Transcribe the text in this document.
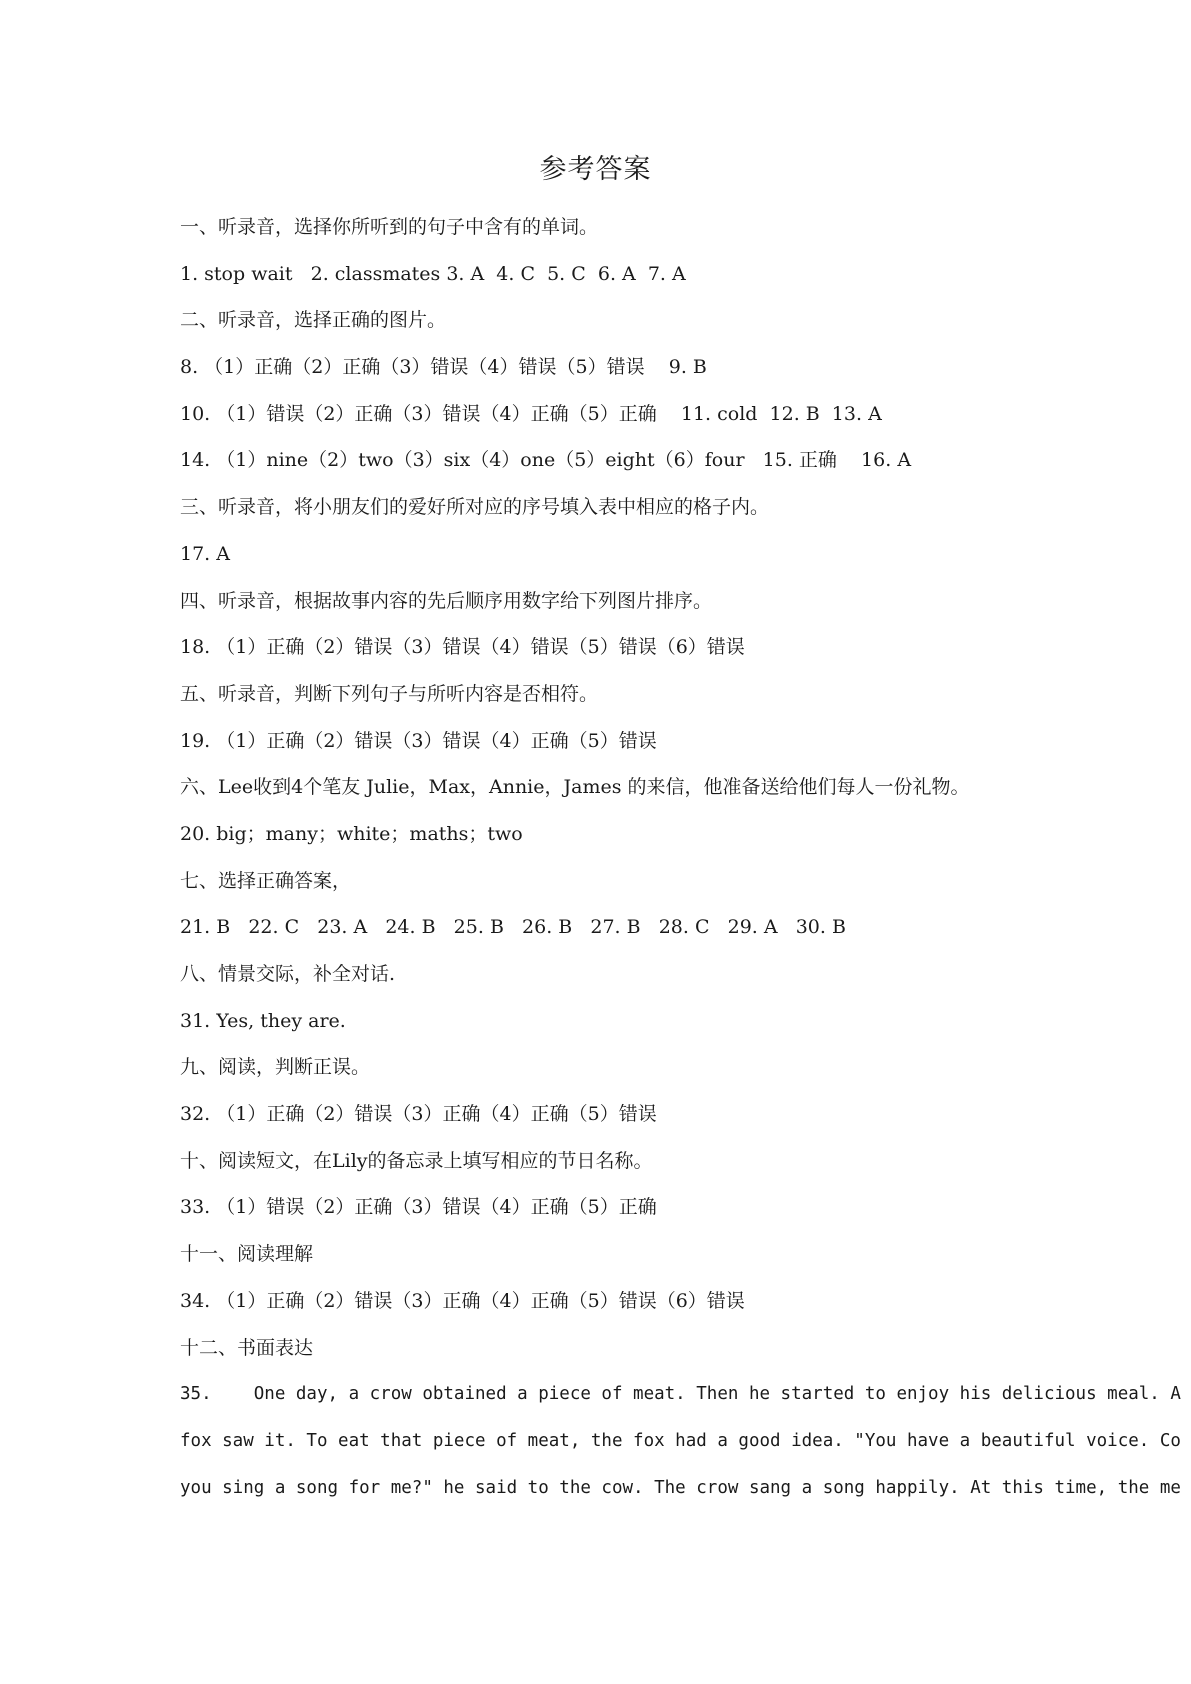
参考答案
一、听录音，选择你所听到的句子中含有的单词。
1. stop wait   2. classmates 3. A  4. C  5. C  6. A  7. A
二、听录音，选择正确的图片。
8. （1）正确（2）正确（3）错误（4）错误（5）错误    9. B
10. （1）错误（2）正确（3）错误（4）正确（5）正确    11. cold  12. B  13. A
14. （1）nine（2）two（3）six（4）one（5）eight（6）four   15. 正确    16. A
三、听录音，将小朋友们的爱好所对应的序号填入表中相应的格子内。
17. A
四、听录音，根据故事内容的先后顺序用数字给下列图片排序。
18. （1）正确（2）错误（3）错误（4）错误（5）错误（6）错误
五、听录音，判断下列句子与所听内容是否相符。
19. （1）正确（2）错误（3）错误（4）正确（5）错误
六、Lee收到4个笔友 Julie，Max，Annie，James 的来信，他准备送给他们每人一份礼物。
20. big；many；white；maths；two
七、选择正确答案，
21. B   22. C   23. A   24. B   25. B   26. B   27. B   28. C   29. A   30. B
八、情景交际，补全对话.
31. Yes, they are.
九、阅读，判断正误。
32. （1）正确（2）错误（3）正确（4）正确（5）错误
十、阅读短文，在Lily的备忘录上填写相应的节日名称。
33. （1）错误（2）正确（3）错误（4）正确（5）正确
十一、阅读理解
34. （1）正确（2）错误（3）正确（4）正确（5）错误（6）错误
十二、书面表达
35.    One day, a crow obtained a piece of meat. Then he started to enjoy his delicious meal. A
fox saw it. To eat that piece of meat, the fox had a good idea. "You have a beautiful voice. Co
you sing a song for me?" he said to the cow. The crow sang a song happily. At this time, the me
